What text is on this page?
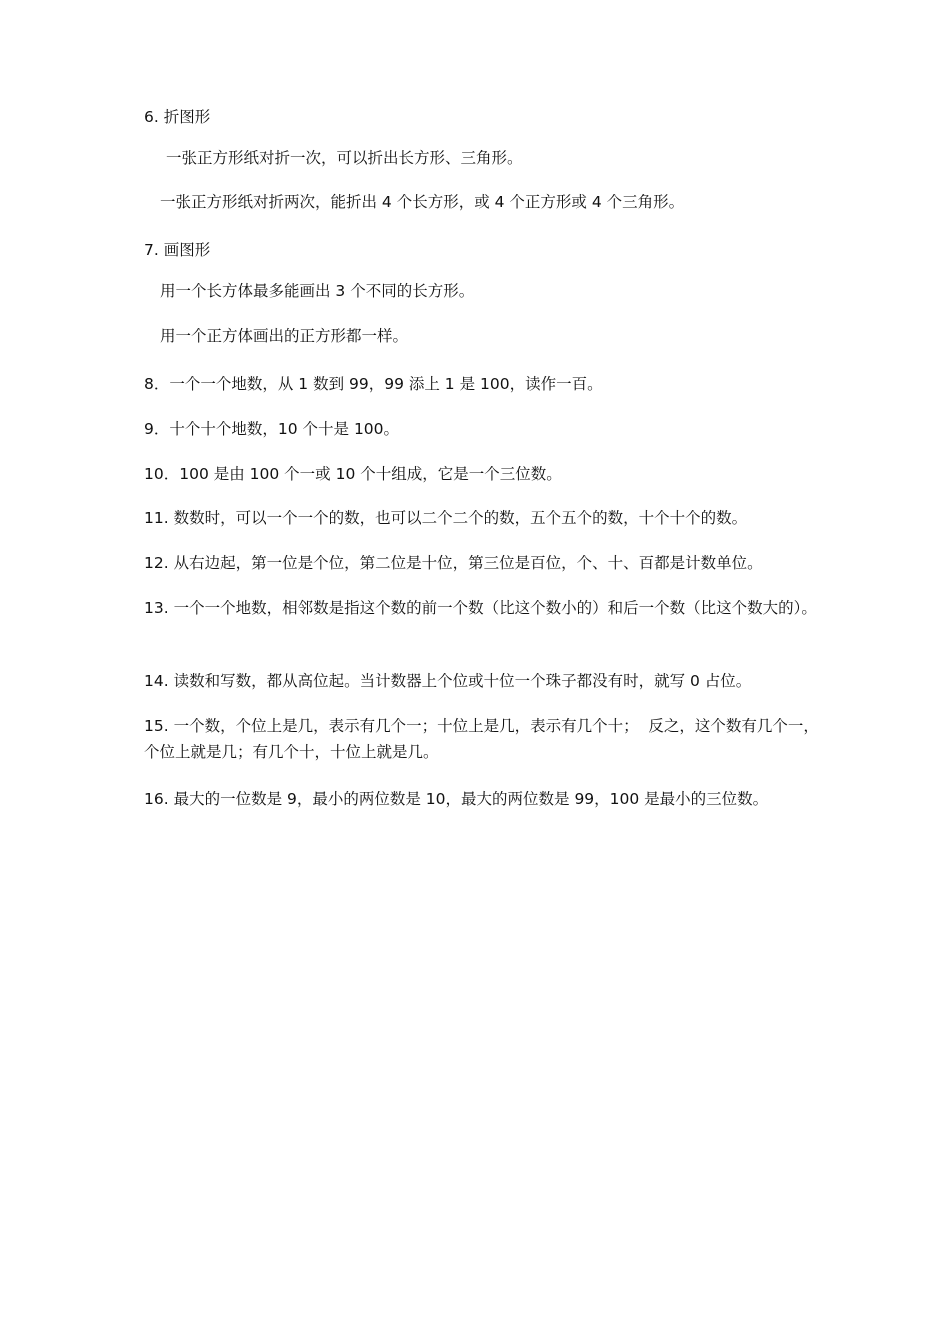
6. 折图形
一张正方形纸对折一次，可以折出长方形、三角形。
一张正方形纸对折两次，能折出 4 个长方形，或 4 个正方形或 4 个三角形。
7. 画图形
用一个长方体最多能画出 3 个不同的长方形。
用一个正方体画出的正方形都一样。
8．一个一个地数，从 1 数到 99，99 添上 1 是 100，读作一百。
9．十个十个地数，10 个十是 100。
10．100 是由 100 个一或 10 个十组成，它是一个三位数。
11. 数数时，可以一个一个的数，也可以二个二个的数，五个五个的数，十个十个的数。
12. 从右边起，第一位是个位，第二位是十位，第三位是百位，个、十、百都是计数单位。
13. 一个一个地数，相邻数是指这个数的前一个数（比这个数小的）和后一个数（比这个数大的）。
14. 读数和写数，都从高位起。当计数器上个位或十位一个珠子都没有时，就写 0 占位。
15. 一个数，个位上是几，表示有几个一；十位上是几，表示有几个十；  反之，这个数有几个一，个位上就是几；有几个十，十位上就是几。
16. 最大的一位数是 9，最小的两位数是 10，最大的两位数是 99，100 是最小的三位数。
